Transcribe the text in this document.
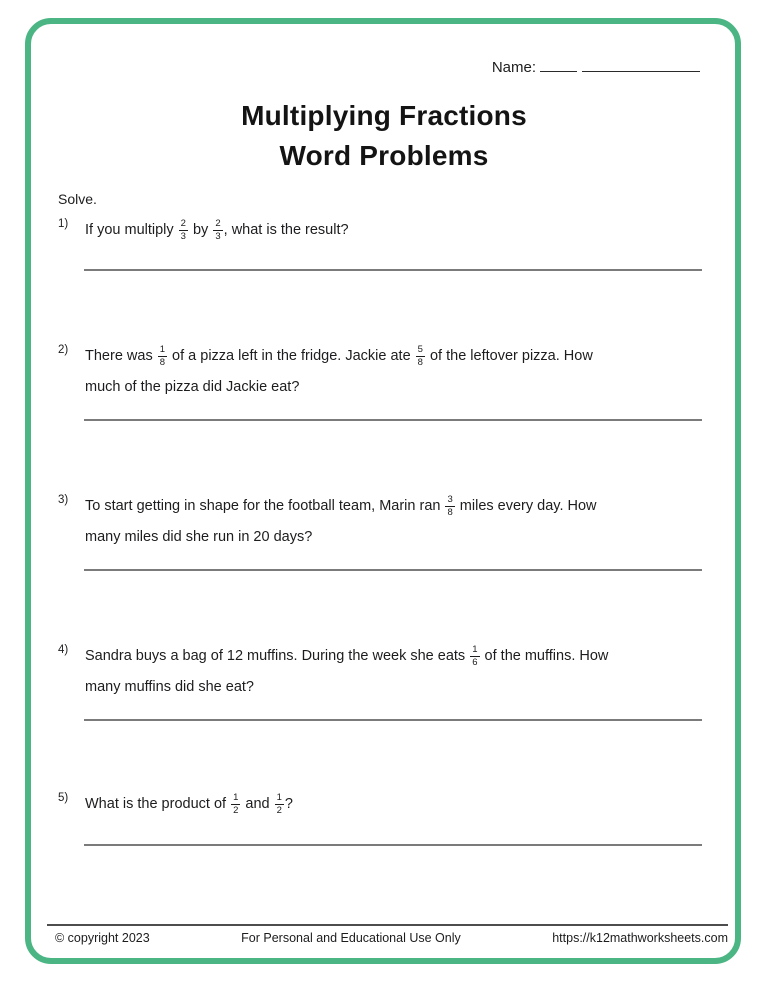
Name:
Multiplying Fractions
Word Problems
Solve.
1)	If you multiply $\frac{2}{3}$ by $\frac{2}{3}$ , what is the result?
2)	There was $\frac{1}{8}$ of a pizza left in the fridge. Jackie ate $\frac{5}{8}$ of the leftover pizza. How
much of the pizza did Jackie eat?
3)	To start getting in shape for the football team, Marin ran $\frac{3}{8}$ miles every day. How
many miles did she run in 20 days?
4)	Sandra buys a bag of 12 muffins. During the week she eats $\frac{1}{6}$ of the muffins. How
many muffins did she eat?
5)	What is the product of $\frac{1}{2}$ and $\frac{1}{2}$ ?
© copyright 2023	For Personal and Educational Use Only	https://k12mathworksheets.com
